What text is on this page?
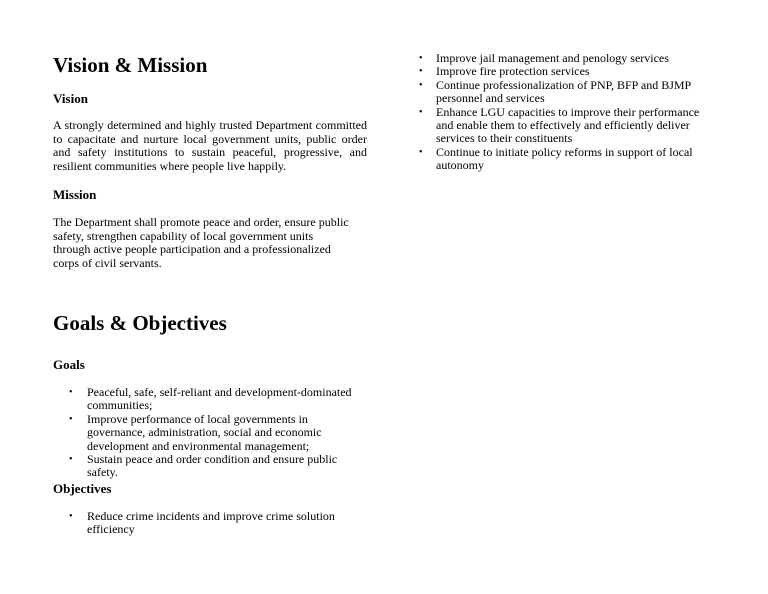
Vision & Mission
Vision

A strongly determined and highly trusted Department committed to capacitate and nurture local government units, public order and safety institutions to sustain peaceful, progressive, and resilient communities where people live happily.

Mission

The Department shall promote peace and order, ensure public safety, strengthen capability of local government units through active people participation and a professionalized corps of civil servants.

Goals & Objectives
Goals
• Peaceful, safe, self-reliant and development-dominated communities;
• Improve performance of local governments in governance, administration, social and economic development and environmental management;
• Sustain peace and order condition and ensure public safety.
Objectives
• Reduce crime incidents and improve crime solution efficiency
• Improve jail management and penology services
• Improve fire protection services
• Continue professionalization of PNP, BFP and BJMP personnel and services
• Enhance LGU capacities to improve their performance and enable them to effectively and efficiently deliver services to their constituents
• Continue to initiate policy reforms in support of local autonomy
